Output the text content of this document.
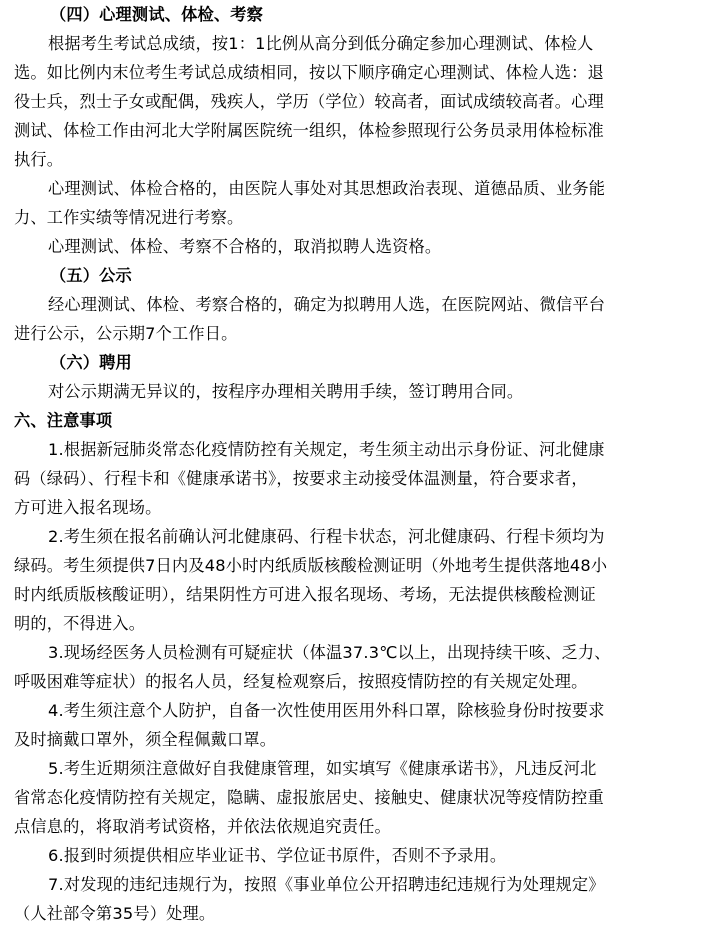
（四）心理测试、体检、考察
根据考生考试总成绩，按1：1比例从高分到低分确定参加心理测试、体检人
选。如比例内末位考生考试总成绩相同，按以下顺序确定心理测试、体检人选：退
役士兵，烈士子女或配偶，残疾人，学历（学位）较高者，面试成绩较高者。心理
测试、体检工作由河北大学附属医院统一组织，体检参照现行公务员录用体检标准
执行。
心理测试、体检合格的，由医院人事处对其思想政治表现、道德品质、业务能
力、工作实绩等情况进行考察。
心理测试、体检、考察不合格的，取消拟聘人选资格。
（五）公示
经心理测试、体检、考察合格的，确定为拟聘用人选，在医院网站、微信平台
进行公示，公示期7个工作日。
（六）聘用
对公示期满无异议的，按程序办理相关聘用手续，签订聘用合同。
六、注意事项
1.根据新冠肺炎常态化疫情防控有关规定，考生须主动出示身份证、河北健康
码（绿码）、行程卡和《健康承诺书》，按要求主动接受体温测量，符合要求者，
方可进入报名现场。
2.考生须在报名前确认河北健康码、行程卡状态，河北健康码、行程卡须均为
绿码。考生须提供7日内及48小时内纸质版核酸检测证明（外地考生提供落地48小
时内纸质版核酸证明），结果阴性方可进入报名现场、考场，无法提供核酸检测证
明的，不得进入。
3.现场经医务人员检测有可疑症状（体温37.3℃以上，出现持续干咳、乏力、
呼吸困难等症状）的报名人员，经复检观察后，按照疫情防控的有关规定处理。
4.考生须注意个人防护，自备一次性使用医用外科口罩，除核验身份时按要求
及时摘戴口罩外，须全程佩戴口罩。
5.考生近期须注意做好自我健康管理，如实填写《健康承诺书》，凡违反河北
省常态化疫情防控有关规定，隐瞒、虚报旅居史、接触史、健康状况等疫情防控重
点信息的，将取消考试资格，并依法依规追究责任。
6.报到时须提供相应毕业证书、学位证书原件，否则不予录用。
7.对发现的违纪违规行为，按照《事业单位公开招聘违纪违规行为处理规定》
（人社部令第35号）处理。
